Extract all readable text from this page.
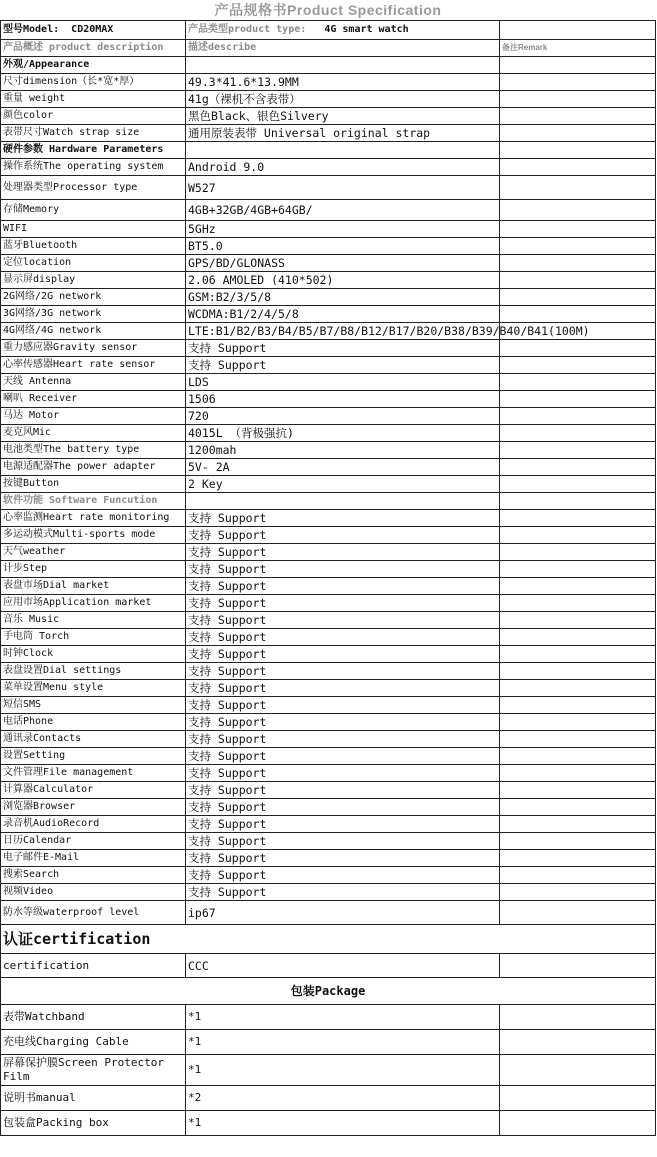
产品规格书Product Specification		
型号Model: CD20MAX	产品类型product type: 4G smart watch	
产品概述 product description	描述describe	备注Remark
外观/Appearance		
尺寸dimension（长*宽*厚）	49.3*41.6*13.9MM	
重量 weight	41g（裸机不含表带）	
颜色color	黑色Black、银色Silvery	
表带尺寸Watch strap size	通用原装表带 Universal original strap	
硬件参数 Hardware Parameters		
操作系统The operating system	Android 9.0	
处理器类型Processor type	W527	
存储Memory	4GB+32GB/4GB+64GB/	
WIFI	5GHz	
蓝牙Bluetooth	BT5.0	
定位location	GPS/BD/GLONASS	
显示屏display	2.06 AMOLED (410*502)	
2G网络/2G network	GSM:B2/3/5/8	
3G网络/3G network	WCDMA:B1/2/4/5/8	
4G网络/4G network	LTE:B1/B2/B3/B4/B5/B7/B8/B12/B17/B20/B38/B39/B40/B41(100M)	
重力感应器Gravity sensor	支持 Support	
心率传感器Heart rate sensor	支持 Support	
天线 Antenna	LDS	
喇叭 Receiver	1506	
马达 Motor	720	
麦克风Mic	4015L （背极强抗)	
电池类型The battery type	1200mah	
电源适配器The power adapter	5V- 2A	
按键Button	2 Key	
软件功能 Software Funcution		
心率监测Heart rate monitoring	支持 Support	
多运动模式Multi-sports mode	支持 Support	
天气weather	支持 Support	
计步Step	支持 Support	
表盘市场Dial market	支持 Support	
应用市场Application market	支持 Support	
音乐 Music	支持 Support	
手电筒 Torch	支持 Support	
时钟Clock	支持 Support	
表盘设置Dial settings	支持 Support	
菜单设置Menu style	支持 Support	
短信SMS	支持 Support	
电话Phone	支持 Support	
通讯录Contacts	支持 Support	
设置Setting	支持 Support	
文件管理File management	支持 Support	
计算器Calculator	支持 Support	
浏览器Browser	支持 Support	
录音机AudioRecord	支持 Support	
日历Calendar	支持 Support	
电子邮件E-Mail	支持 Support	
搜索Search	支持 Support	
视频Video	支持 Support	
防水等级waterproof level	ip67	
认证certification		
certification	CCC	
包装Package		
表带Watchband	*1	
充电线Charging Cable	*1	
屏幕保护膜Screen Protector Film	*1	
说明书manual	*2	
包装盒Packing box	*1	
